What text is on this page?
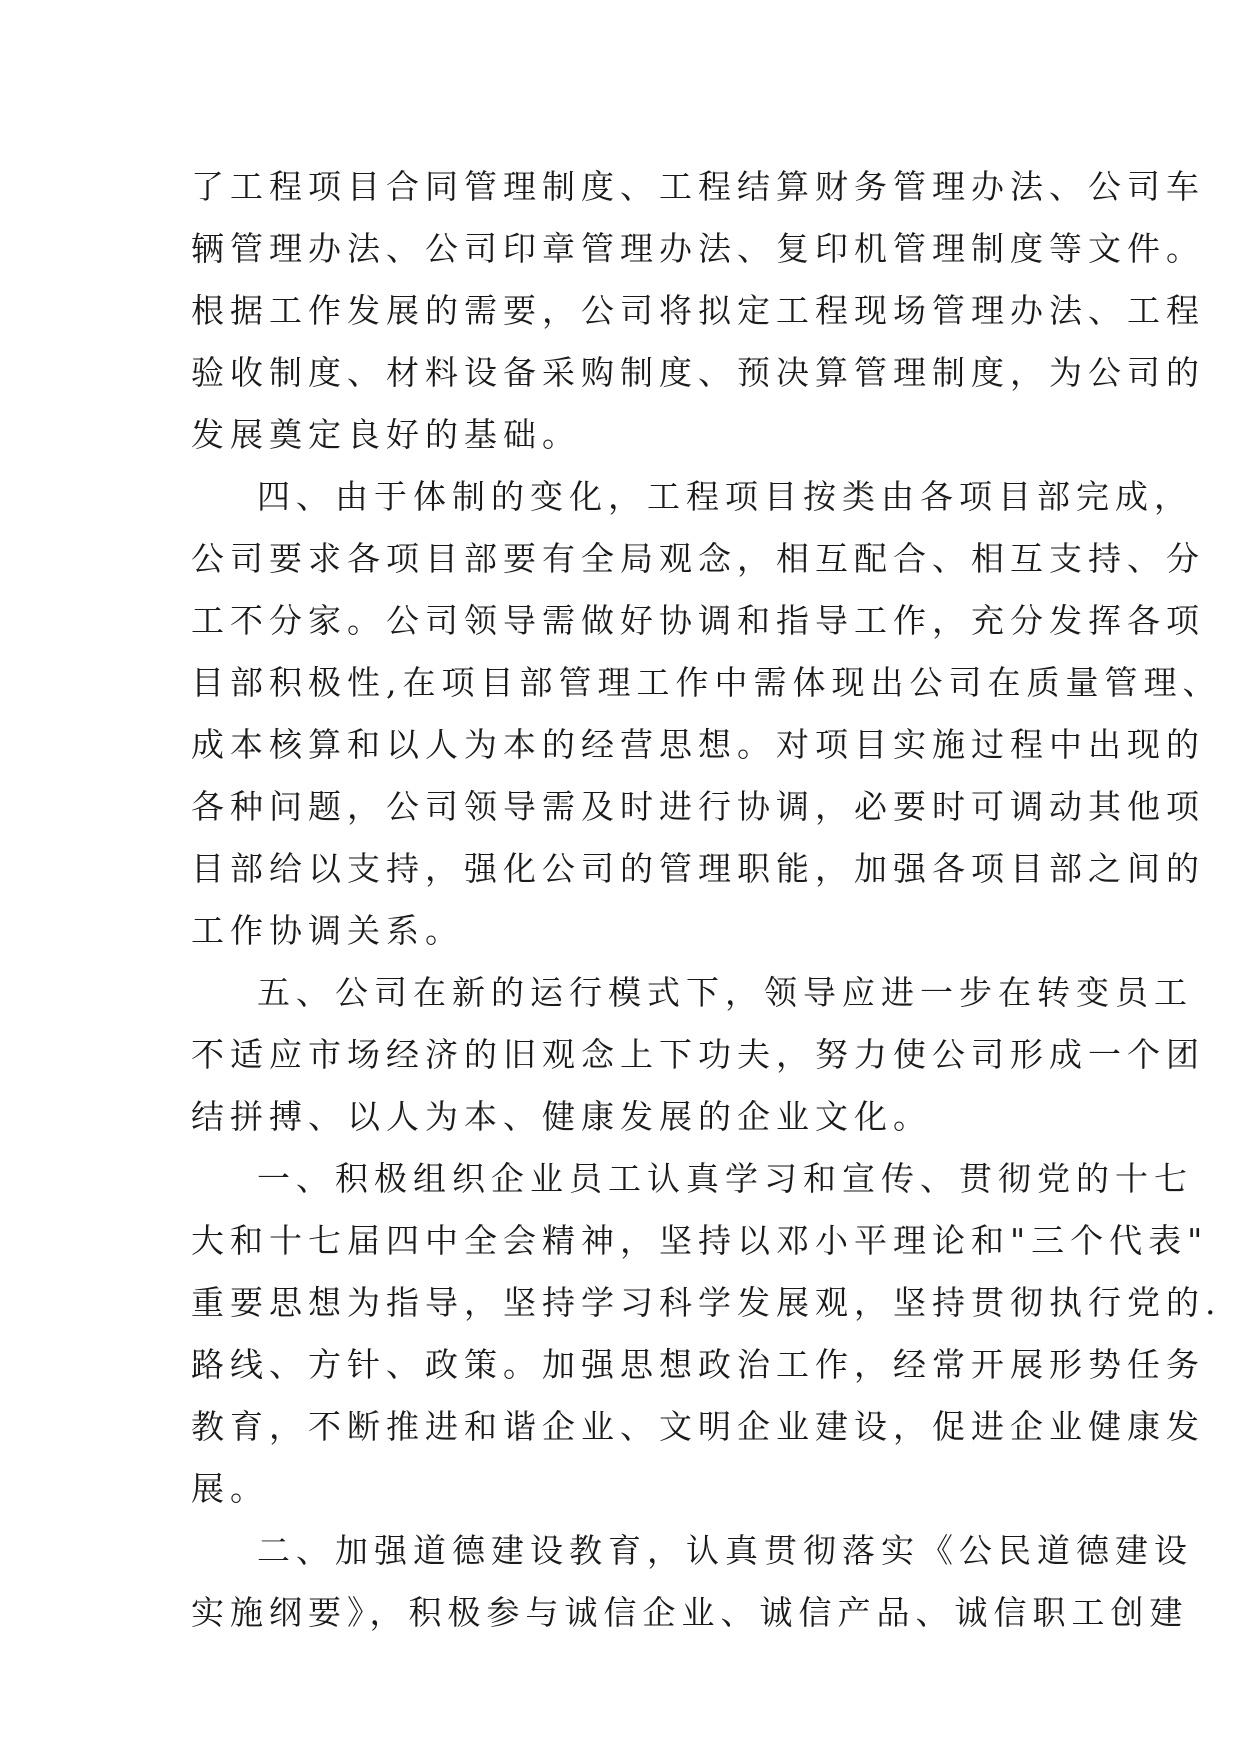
了工程项目合同管理制度、工程结算财务管理办法、公司车
辆管理办法、公司印章管理办法、复印机管理制度等文件。
根据工作发展的需要，公司将拟定工程现场管理办法、工程
验收制度、材料设备采购制度、预决算管理制度，为公司的
发展奠定良好的基础。
四、由于体制的变化，工程项目按类由各项目部完成，
公司要求各项目部要有全局观念，相互配合、相互支持、分
工不分家。公司领导需做好协调和指导工作，充分发挥各项
目部积极性,在项目部管理工作中需体现出公司在质量管理、
成本核算和以人为本的经营思想。对项目实施过程中出现的
各种问题，公司领导需及时进行协调，必要时可调动其他项
目部给以支持，强化公司的管理职能，加强各项目部之间的
工作协调关系。
五、公司在新的运行模式下，领导应进一步在转变员工
不适应市场经济的旧观念上下功夫，努力使公司形成一个团
结拼搏、以人为本、健康发展的企业文化。
一、积极组织企业员工认真学习和宣传、贯彻党的十七
大和十七届四中全会精神，坚持以邓小平理论和"三个代表"
重要思想为指导，坚持学习科学发展观，坚持贯彻执行党的.
路线、方针、政策。加强思想政治工作，经常开展形势任务
教育，不断推进和谐企业、文明企业建设，促进企业健康发
展。
二、加强道德建设教育，认真贯彻落实《公民道德建设
实施纲要》，积极参与诚信企业、诚信产品、诚信职工创建
